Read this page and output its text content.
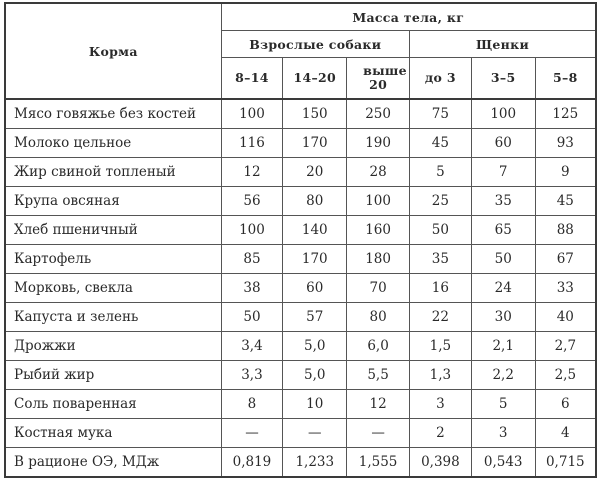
Корма	Масса тела, кг					
	Взрослые собаки			Щенки		
	8–14	14–20	выше 20	до 3	3–5	5–8
Мясо говяжье без костей	100	150	250	75	100	125
Молоко цельное	116	170	190	45	60	93
Жир свиной топленый	12	20	28	5	7	9
Крупа овсяная	56	80	100	25	35	45
Хлеб пшеничный	100	140	160	50	65	88
Картофель	85	170	180	35	50	67
Морковь, свекла	38	60	70	16	24	33
Капуста и зелень	50	57	80	22	30	40
Дрожжи	3,4	5,0	6,0	1,5	2,1	2,7
Рыбий жир	3,3	5,0	5,5	1,3	2,2	2,5
Соль поваренная	8	10	12	3	5	6
Костная мука	—	—	—	2	3	4
В рационе ОЭ, МДж	0,819	1,233	1,555	0,398	0,543	0,715
